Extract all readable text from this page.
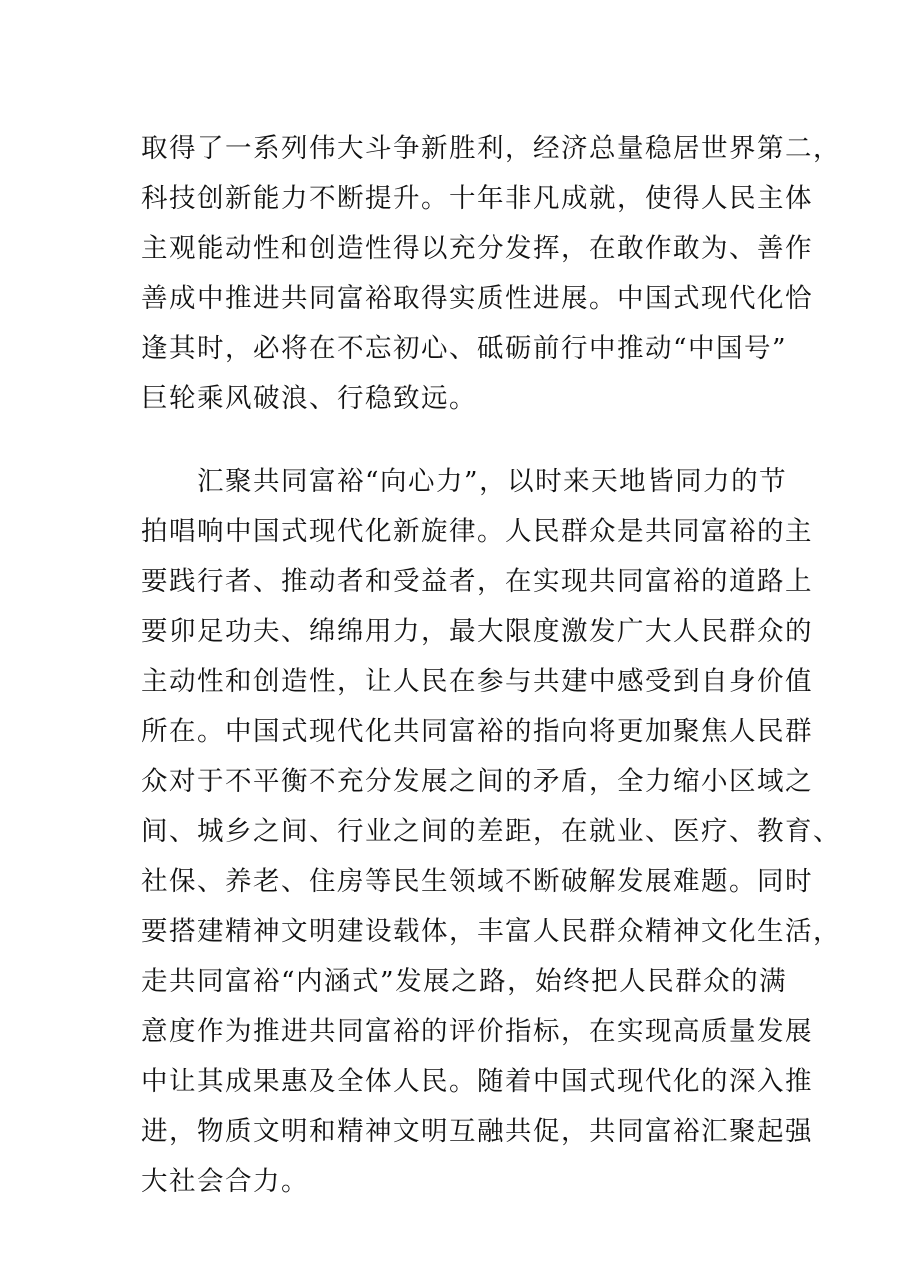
取得了一系列伟大斗争新胜利，经济总量稳居世界第二，
科技创新能力不断提升。十年非凡成就，使得人民主体
主观能动性和创造性得以充分发挥，在敢作敢为、善作
善成中推进共同富裕取得实质性进展。中国式现代化恰
逢其时，必将在不忘初心、砥砺前行中推动“中国号”
巨轮乘风破浪、行稳致远。
　　汇聚共同富裕“向心力”，以时来天地皆同力的节
拍唱响中国式现代化新旋律。人民群众是共同富裕的主
要践行者、推动者和受益者，在实现共同富裕的道路上
要卯足功夫、绵绵用力，最大限度激发广大人民群众的
主动性和创造性，让人民在参与共建中感受到自身价值
所在。中国式现代化共同富裕的指向将更加聚焦人民群
众对于不平衡不充分发展之间的矛盾，全力缩小区域之
间、城乡之间、行业之间的差距，在就业、医疗、教育、
社保、养老、住房等民生领域不断破解发展难题。同时
要搭建精神文明建设载体，丰富人民群众精神文化生活，
走共同富裕“内涵式”发展之路，始终把人民群众的满
意度作为推进共同富裕的评价指标，在实现高质量发展
中让其成果惠及全体人民。随着中国式现代化的深入推
进，物质文明和精神文明互融共促，共同富裕汇聚起强
大社会合力。
